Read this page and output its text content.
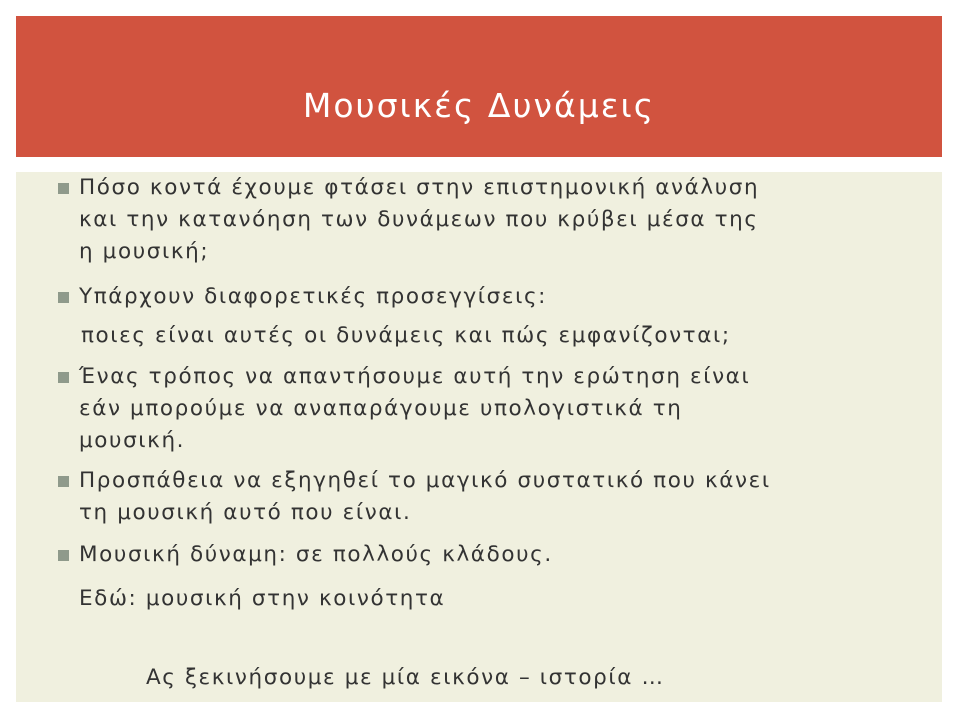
Μουσικές Δυνάμεις
Πόσο κοντά έχουμε φτάσει στην επιστημονική ανάλυση
και την κατανόηση των δυνάμεων που κρύβει μέσα της
η μουσική;
Υπάρχουν διαφορετικές προσεγγίσεις:
ποιες είναι αυτές οι δυνάμεις και πώς εμφανίζονται;
Ένας τρόπος να απαντήσουμε αυτή την ερώτηση είναι
εάν μπορούμε να αναπαράγουμε υπολογιστικά τη
μουσική.
Προσπάθεια να εξηγηθεί το μαγικό συστατικό που κάνει
τη μουσική αυτό που είναι.
Μουσική δύναμη: σε πολλούς κλάδους.
Εδώ: μουσική στην κοινότητα
Ας ξεκινήσουμε με μία εικόνα – ιστορία …
